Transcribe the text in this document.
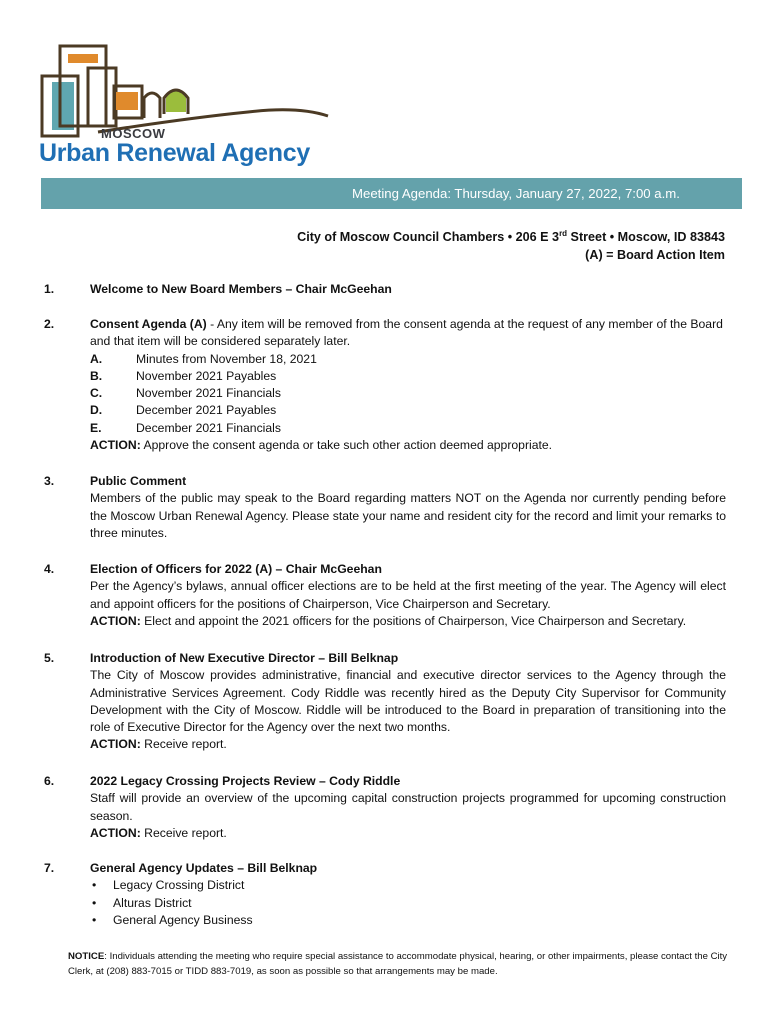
MOSCOW
Urban Renewal Agency
Meeting Agenda: Thursday, January 27, 2022, 7:00 a.m.
City of Moscow Council Chambers • 206 E 3rd Street • Moscow, ID 83843
(A) = Board Action Item
1.	Welcome to New Board Members – Chair McGeehan
2.	Consent Agenda (A) - Any item will be removed from the consent agenda at the request of any member of the Board and that item will be considered separately later.
A.	Minutes from November 18, 2021
B.	November 2021 Payables
C.	November 2021 Financials
D.	December 2021 Payables
E.	December 2021 Financials
ACTION: Approve the consent agenda or take such other action deemed appropriate.
3.	Public Comment
Members of the public may speak to the Board regarding matters NOT on the Agenda nor currently pending before the Moscow Urban Renewal Agency. Please state your name and resident city for the record and limit your remarks to three minutes.
4.	Election of Officers for 2022 (A) – Chair McGeehan
Per the Agency’s bylaws, annual officer elections are to be held at the first meeting of the year. The Agency will elect and appoint officers for the positions of Chairperson, Vice Chairperson and Secretary.
ACTION: Elect and appoint the 2021 officers for the positions of Chairperson, Vice Chairperson and Secretary.
5.	Introduction of New Executive Director – Bill Belknap
The City of Moscow provides administrative, financial and executive director services to the Agency through the Administrative Services Agreement. Cody Riddle was recently hired as the Deputy City Supervisor for Community Development with the City of Moscow. Riddle will be introduced to the Board in preparation of transitioning into the role of Executive Director for the Agency over the next two months.
ACTION: Receive report.
6.	2022 Legacy Crossing Projects Review – Cody Riddle
Staff will provide an overview of the upcoming capital construction projects programmed for upcoming construction season.
ACTION: Receive report.
7.	General Agency Updates – Bill Belknap
•	Legacy Crossing District
•	Alturas District
•	General Agency Business
NOTICE: Individuals attending the meeting who require special assistance to accommodate physical, hearing, or other impairments, please contact the City Clerk, at (208) 883-7015 or TIDD 883-7019, as soon as possible so that arrangements may be made.
